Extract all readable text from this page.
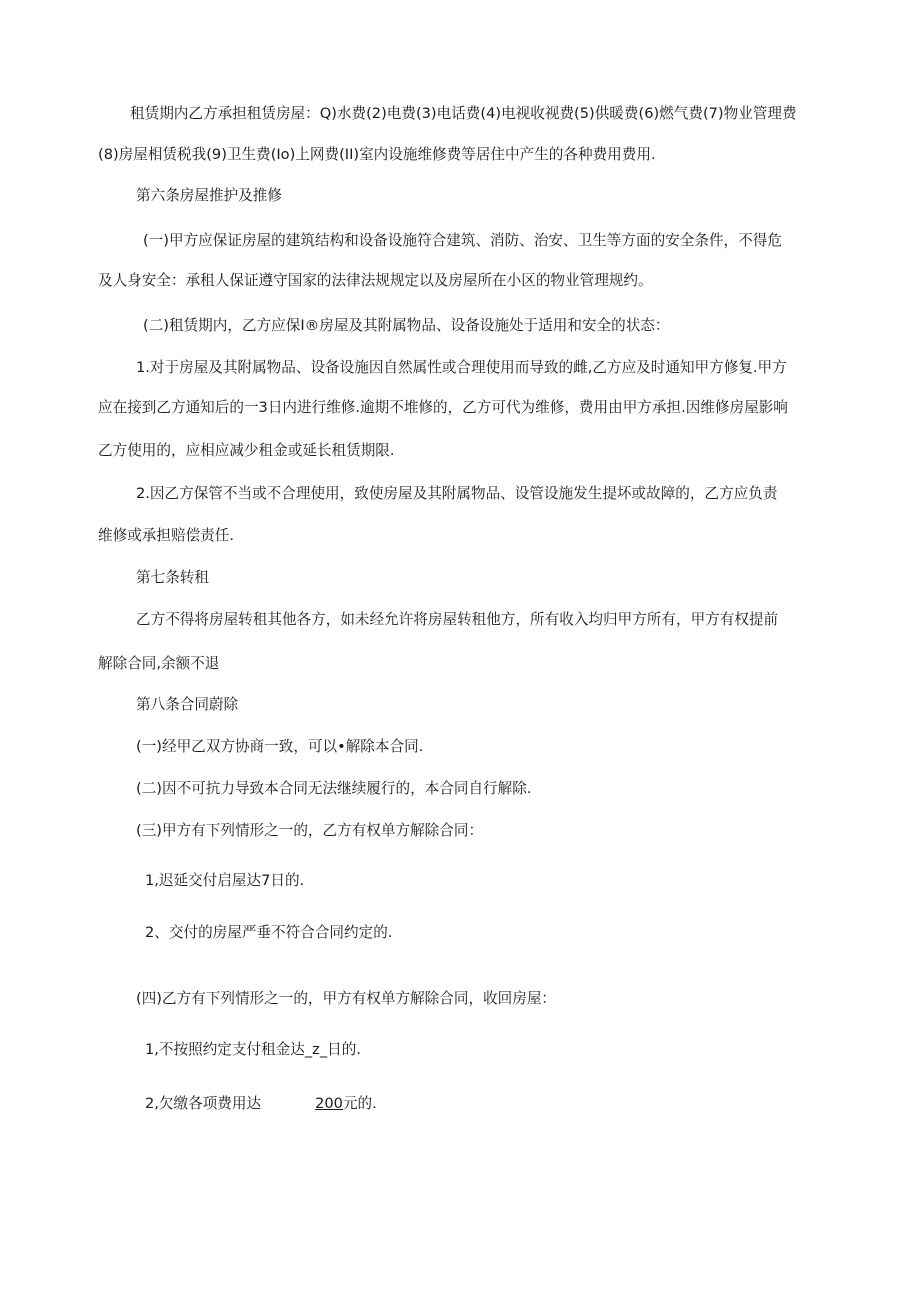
租赁期内乙方承担租赁房屋：Q)水费(2)电费(3)电话费(4)电视收视费(5)供暖费(6)燃气费(7)物业管理费
(8)房屋相赁税我(9)卫生费(Io)上网费(II)室内设施维修费等居住中产生的各种费用费用.
第六条房屋推护及推修
(一)甲方应保证房屋的建筑结构和设备设施符合建筑、消防、治安、卫生等方面的安全条件，不得危
及人身安全：承租人保证遵守国家的法律法规规定以及房屋所在小区的物业管理规约。
(二)租赁期内，乙方应保I®房屋及其附属物品、设备设施处于适用和安全的状态：
1.对于房屋及其附属物品、设备设施因自然属性或合理使用而导致的雌,乙方应及时通知甲方修复.甲方
应在接到乙方通知后的一3日内进行维修.逾期不堆修的，乙方可代为维修，费用由甲方承担.因维修房屋影响
乙方使用的，应相应减少租金或延长租赁期限.
2.因乙方保管不当或不合理使用，致使房屋及其附属物品、设管设施发生提坏或故障的，乙方应负责
维修或承担赔偿责任.
第七条转租
乙方不得将房屋转租其他各方，如未经允许将房屋转租他方，所有收入均归甲方所有，甲方有权提前
解除合同,余额不退
第八条合同蔚除
(一)经甲乙双方协商一致，可以•解除本合同.
(二)因不可抗力导致本合同无法继续履行的，本合同自行解除.
(三)甲方有下列情形之一的，乙方有权单方解除合同：
1,迟延交付启屋达7日的.
2、交付的房屋严垂不符合合同约定的.
(四)乙方有下列情形之一的，甲方有权单方解除合同，收回房屋：
1,不按照约定支付租金达_z_日的.
2,欠缴各项费用达	200元的.
